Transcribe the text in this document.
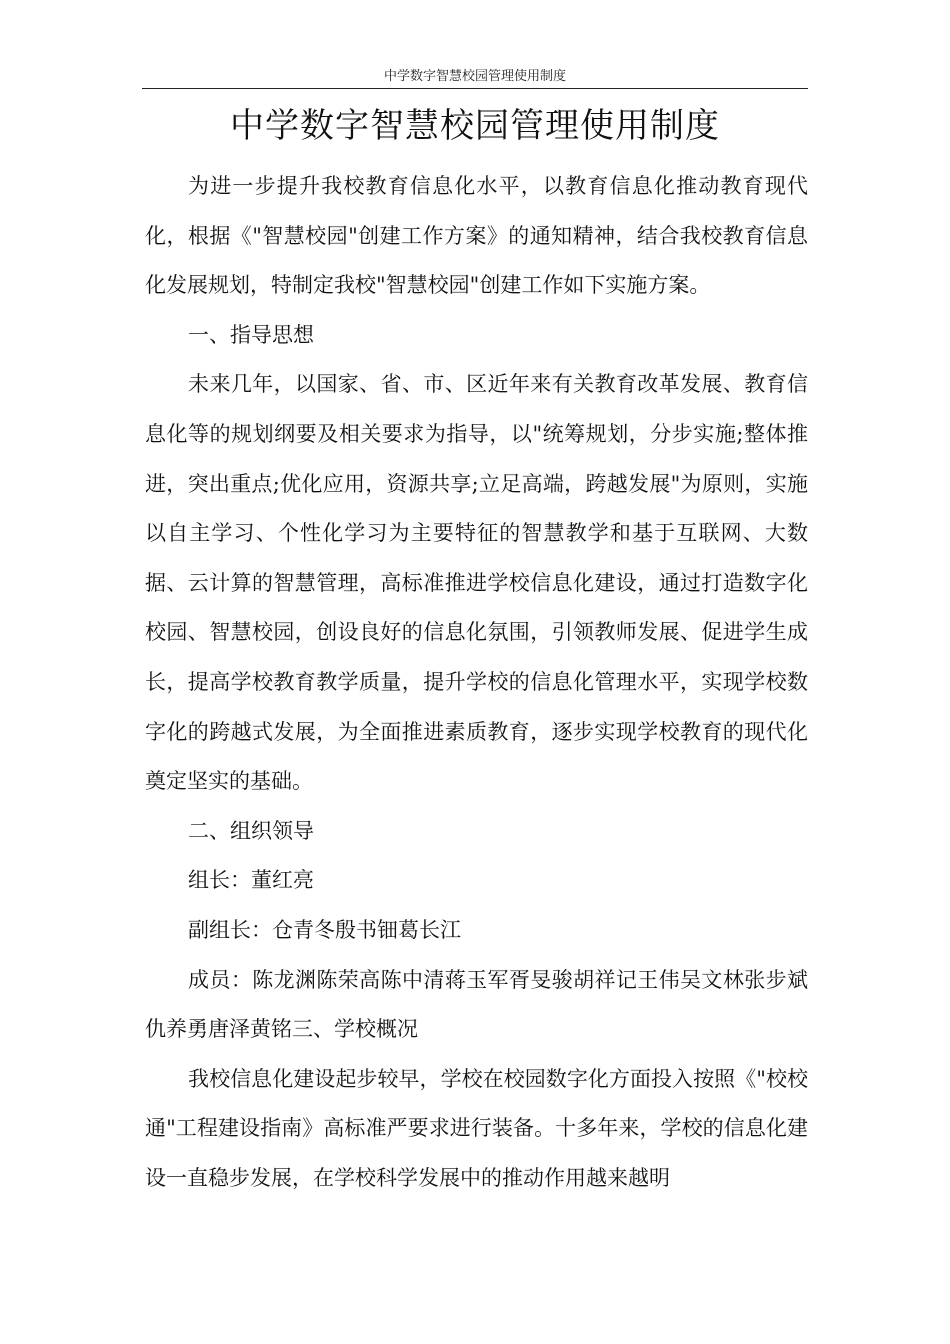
中学数字智慧校园管理使用制度
中学数字智慧校园管理使用制度

为进一步提升我校教育信息化水平，以教育信息化推动教育现代化，根据《"智慧校园"创建工作方案》的通知精神，结合我校教育信息化发展规划，特制定我校"智慧校园"创建工作如下实施方案。

一、指导思想

未来几年，以国家、省、市、区近年来有关教育改革发展、教育信息化等的规划纲要及相关要求为指导，以"统筹规划，分步实施;整体推进，突出重点;优化应用，资源共享;立足高端，跨越发展"为原则，实施以自主学习、个性化学习为主要特征的智慧教学和基于互联网、大数据、云计算的智慧管理，高标准推进学校信息化建设，通过打造数字化校园、智慧校园，创设良好的信息化氛围，引领教师发展、促进学生成长，提高学校教育教学质量，提升学校的信息化管理水平，实现学校数字化的跨越式发展，为全面推进素质教育，逐步实现学校教育的现代化奠定坚实的基础。

二、组织领导

组长：董红亮

副组长：仓青冬殷书钿葛长江

成员：陈龙渊陈荣高陈中清蒋玉军胥旻骏胡祥记王伟吴文林张步斌仇养勇唐泽黄铭三、学校概况

我校信息化建设起步较早，学校在校园数字化方面投入按照《"校校通"工程建设指南》高标准严要求进行装备。十多年来，学校的信息化建设一直稳步发展，在学校科学发展中的推动作用越来越明
